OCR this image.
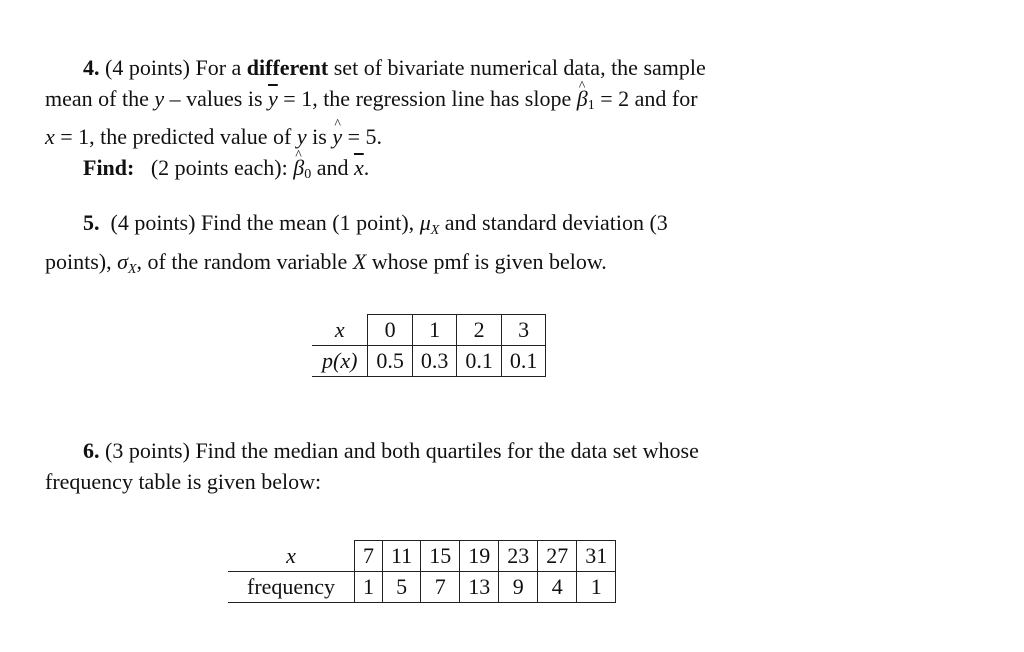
4. (4 points) For a different set of bivariate numerical data, the sample
mean of the y – values is $\overline{y} = 1$, the regression line has slope ^ $\beta_1 = 2$ and for
x = 1, the predicted value of y is ^ y = 5.
Find: (2 points each): ^ $\beta_0$ and $\overline{x}$.
5. (4 points) Find the mean (1 point), μX and standard deviation (3
points), σX, of the random variable X whose pmf is given below.
x	0	1	2	3
p(x)	0.5	0.3	0.1	0.1
6. (3 points) Find the median and both quartiles for the data set whose
frequency table is given below:
x	7	11	15	19	23	27	31
frequency	1	5	7	13	9	4	1
